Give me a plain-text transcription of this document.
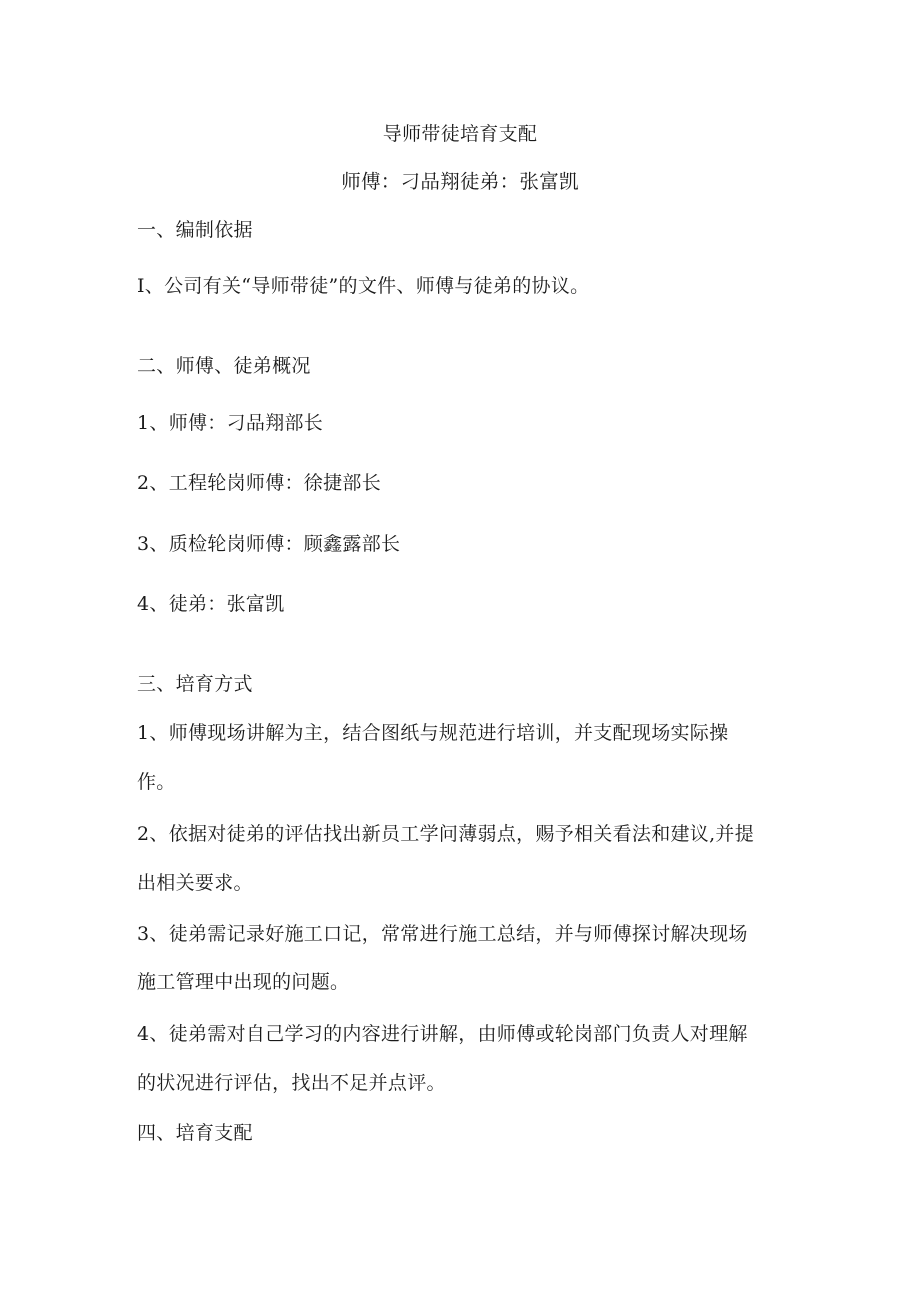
导师带徒培育支配
师傅：刁品翔徒弟：张富凯
一、编制依据
I、公司有关“导师带徒”的文件、师傅与徒弟的协议。
二、师傅、徒弟概况
1、师傅：刁品翔部长
2、工程轮岗师傅：徐捷部长
3、质检轮岗师傅：顾鑫露部长
4、徒弟：张富凯
三、培育方式
1、师傅现场讲解为主，结合图纸与规范进行培训，并支配现场实际操
作。
2、依据对徒弟的评估找出新员工学问薄弱点，赐予相关看法和建议,并提
出相关要求。
3、徒弟需记录好施工口记，常常进行施工总结，并与师傅探讨解决现场
施工管理中出现的问题。
4、徒弟需对自己学习的内容进行讲解，由师傅或轮岗部门负责人对理解
的状况进行评估，找出不足并点评。
四、培育支配
